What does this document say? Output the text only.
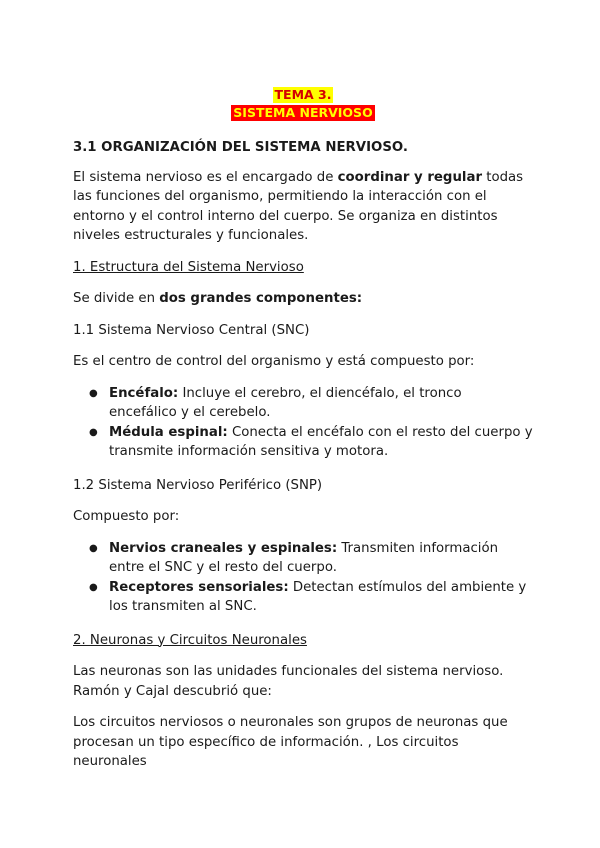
TEMA 3.
SISTEMA NERVIOSO

3.1 ORGANIZACIÓN DEL SISTEMA NERVIOSO.

El sistema nervioso es el encargado de coordinar y regular todas las funciones del organismo, permitiendo la interacción con el entorno y el control interno del cuerpo. Se organiza en distintos niveles estructurales y funcionales.

1. Estructura del Sistema Nervioso

Se divide en dos grandes componentes:

1.1 Sistema Nervioso Central (SNC)

Es el centro de control del organismo y está compuesto por:

● Encéfalo: Incluye el cerebro, el diencéfalo, el tronco encefálico y el cerebelo.
● Médula espinal: Conecta el encéfalo con el resto del cuerpo y transmite información sensitiva y motora.

1.2 Sistema Nervioso Periférico (SNP)

Compuesto por:

● Nervios craneales y espinales: Transmiten información entre el SNC y el resto del cuerpo.
● Receptores sensoriales: Detectan estímulos del ambiente y los transmiten al SNC.

2. Neuronas y Circuitos Neuronales

Las neuronas son las unidades funcionales del sistema nervioso. Ramón y Cajal descubrió que:

Los circuitos nerviosos o neuronales son grupos de neuronas que procesan un tipo específico de información. , Los circuitos neuronales
